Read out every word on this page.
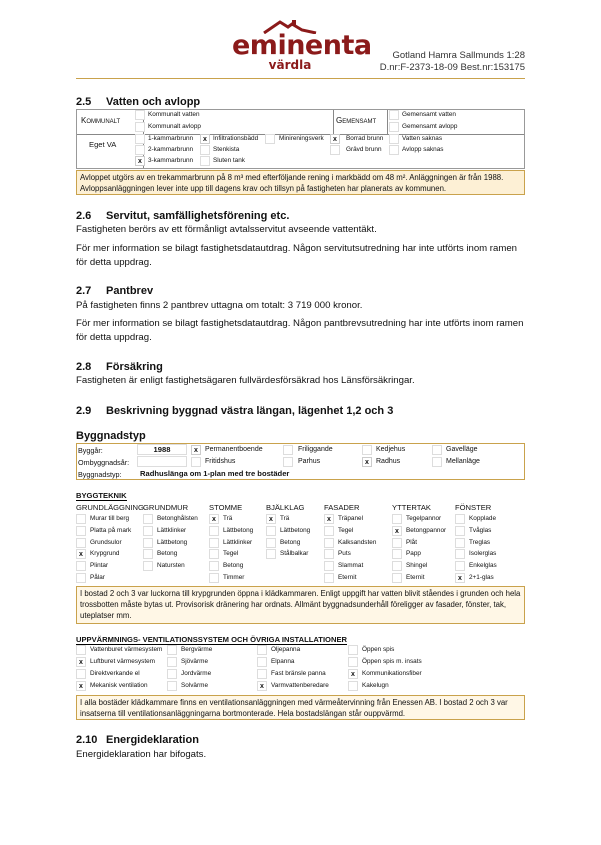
eminenta
värdla
Gotland Hamra Sallmunds 1:28
D.nr:F-2373-18-09 Best.nr:153175
2.5 Vatten och avlopp
Kommunalt
Kommunalt vatten
Kommunalt avlopp
Gemensamt
Gemensamt vatten
Gemensamt avlopp
Eget VA
1-kammarbrunn
2-kammarbrunn
x 3-kammarbrunn
x Infiltrationsbädd
Stenkista
Sluten tank
Minireningsverk	x	Borrad brunn
Grävd brunn
Vatten saknas
Avlopp saknas
Avloppet utgörs av en trekammarbrunn på 8 m³ med efterföljande rening i markbädd om 48 m². Anläggningen är från 1988. Avloppsanläggningen lever inte upp till dagens krav och tillsyn på fastigheten har planerats av kommunen.
2.6 Servitut, samfällighetsförening etc.

Fastigheten berörs av ett förmånligt avtalsservitut avseende vattentäkt.

För mer information se bilagt fastighetsdatautdrag. Någon servitutsutredning har inte utförts inom ramen för detta uppdrag.

2.7 Pantbrev

På fastigheten finns 2 pantbrev uttagna om totalt: 3 719 000 kronor.

För mer information se bilagt fastighetsdatautdrag. Någon pantbrevsutredning har inte utförts inom ramen för detta uppdrag.

2.8 Försäkring

Fastigheten är enligt fastighetsägaren fullvärdesförsäkrad hos Länsförsäkringar.

2.9 Beskrivning byggnad västra längan, lägenhet 1,2 och 3
Byggnadstyp
Byggår:	1988
Ombyggnadsår:
Byggnadstyp: Radhuslänga om 1-plan med tre bostäder
x	Permanentboende
Fritidshus
Friliggande
Parhus
Kedjehus
x	Radhus
Gavelläge
Mellanläge
BYGGTEKNIK
GRUNDLÄGGNING
Murar till berg
Platta på mark
Grundsulor
x	Krypgrund
Plintar
Pålar
GRUNDMUR
Betonghålsten
Lättklinker
Lättbetong
Betong
Natursten
STOMME
x	Trä
Lättbetong
Lättklinker
Tegel
Betong
Timmer
BJÄLKLAG
x	Trä
Lättbetong
Betong
Stålbalkar
FASADER
x	Träpanel
Tegel
Kalksandsten
Puts
Slammat
Eternit
YTTERTAK
Tegelpannor
x	Betongpannor
Plåt
Papp
Shingel
Eternit
FÖNSTER
Kopplade
Tvåglas
Treglas
Isolerglas
Enkelglas
x	2+1-glas
I bostad 2 och 3 var luckorna till krypgrunden öppna i klädkammaren. Enligt uppgift har vatten blivit ståendes i grunden och hela trossbotten måste bytas ut. Provisorisk dränering har ordnats. Allmänt byggnadsunderhåll föreligger av fasader, fönster, tak, uteplatser mm.
UPPVÄRMNINGS- VENTILATIONSSYSTEM OCH ÖVRIGA INSTALLATIONER
Vattenburet värmesystem
x	Luftburet värmesystem
Direktverkande el
x	Mekanisk ventilation
Bergvärme
Sjövärme
Jordvärme
Solvärme
Oljepanna
Elpanna
Fast bränsle panna
x	Varmvattenberedare
Öppen spis
Öppen spis m. insats
x	Kommunikationsfiber
Kakelugn
I alla bostäder klädkammare finns en ventilationsanläggningen med värmeåtervinning från Enessen AB. I bostad 2 och 3 var insatserna till ventilationsanläggningarna bortmonterade. Hela bostadslängan står ouppvärmd.
2.10 Energideklaration

Energideklaration har bifogats.
